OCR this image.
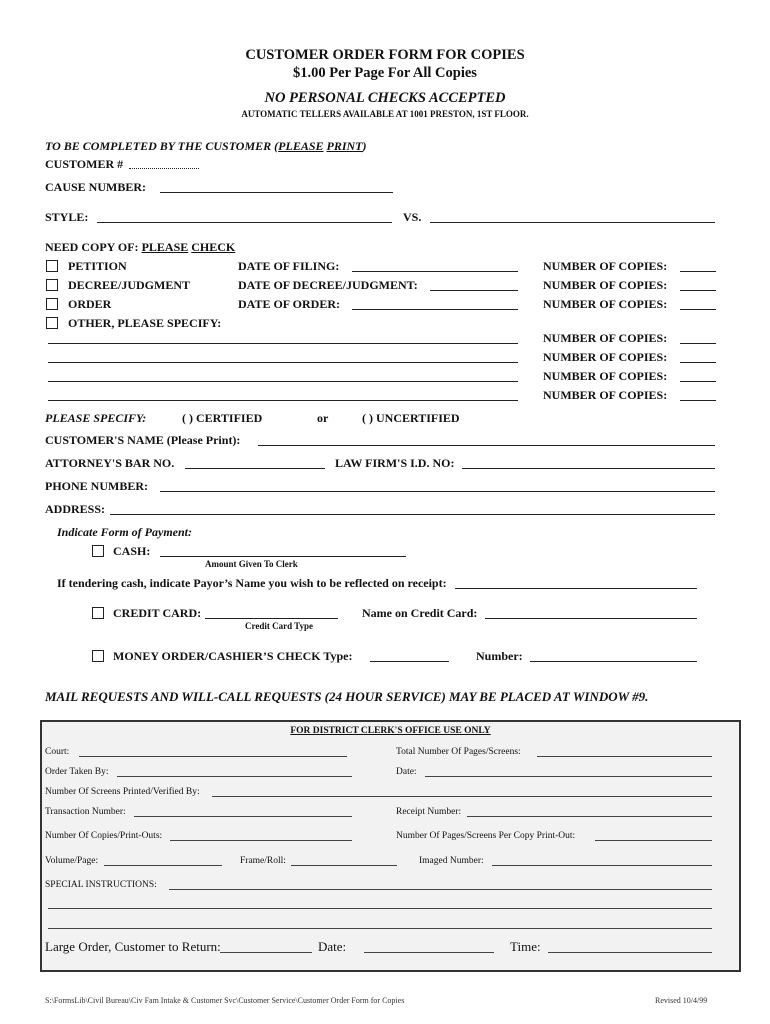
CUSTOMER ORDER FORM FOR COPIES
$1.00 Per Page For All Copies
NO PERSONAL CHECKS ACCEPTED
AUTOMATIC TELLERS AVAILABLE AT 1001 PRESTON, 1ST FLOOR.
TO BE COMPLETED BY THE CUSTOMER (PLEASE PRINT)
CUSTOMER #
CAUSE NUMBER:
STYLE:	VS.
NEED COPY OF: PLEASE CHECK
PETITION	DATE OF FILING:	NUMBER OF COPIES:
DECREE/JUDGMENT	DATE OF DECREE/JUDGMENT:	NUMBER OF COPIES:
ORDER	DATE OF ORDER:	NUMBER OF COPIES:
OTHER, PLEASE SPECIFY:
NUMBER OF COPIES:
NUMBER OF COPIES:
NUMBER OF COPIES:
NUMBER OF COPIES:
PLEASE SPECIFY:	( ) CERTIFIED	or	( ) UNCERTIFIED
CUSTOMER'S NAME (Please Print):
ATTORNEY'S BAR NO.	LAW FIRM'S I.D. NO:
PHONE NUMBER:
ADDRESS:
Indicate Form of Payment:
CASH:
Amount Given To Clerk
If tendering cash, indicate Payor’s Name you wish to be reflected on receipt:
CREDIT CARD:
Credit Card Type
Name on Credit Card:
MONEY ORDER/CASHIER’S CHECK Type:	Number:
MAIL REQUESTS AND WILL-CALL REQUESTS (24 HOUR SERVICE) MAY BE PLACED AT WINDOW #9.
FOR DISTRICT CLERK'S OFFICE USE ONLY
Court:	Total Number Of Pages/Screens:
Order Taken By:	Date:
Number Of Screens Printed/Verified By:
Transaction Number:	Receipt Number:
Number Of Copies/Print-Outs:	Number Of Pages/Screens Per Copy Print-Out:
Volume/Page:	Frame/Roll:	Imaged Number:
SPECIAL INSTRUCTIONS:
Large Order, Customer to Return:	Date:	Time:
S:\FormsLib\Civil Bureau\Civ Fam Intake & Customer Svc\Customer Service\Customer Order Form for Copies	Revised 10/4/99
